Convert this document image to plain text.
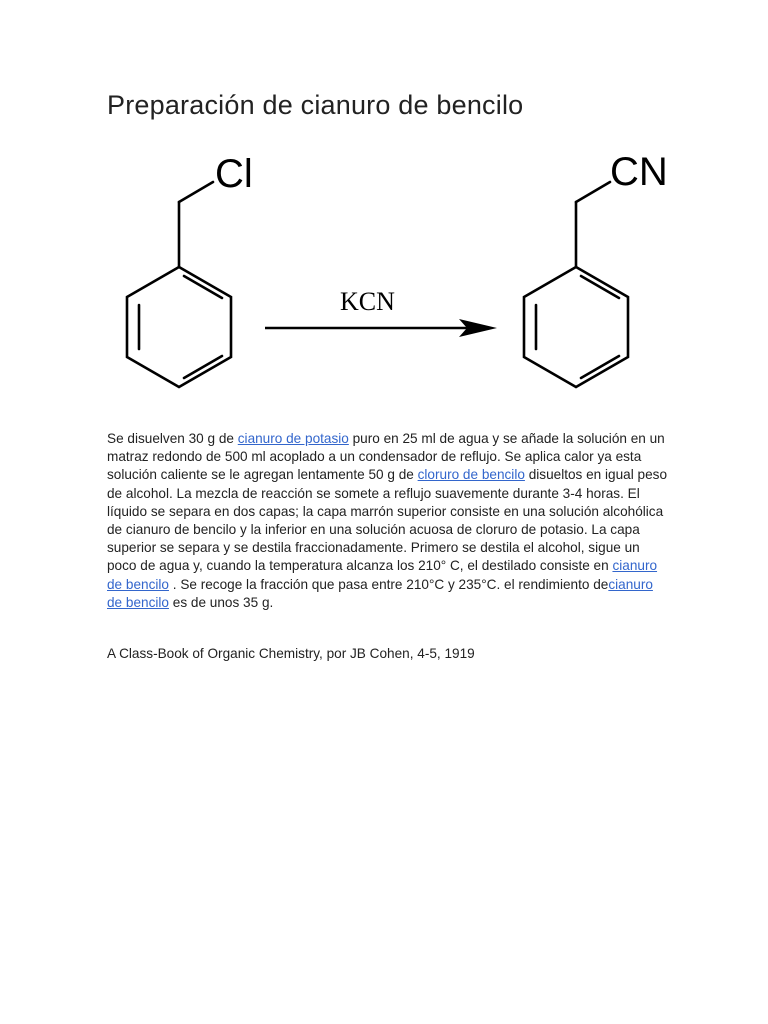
Preparación de cianuro de bencilo
Cl
KCN
CN

Se disuelven 30 g de cianuro de potasio puro en 25 ml de agua y se añade la solución en un matraz redondo de 500 ml acoplado a un condensador de reflujo. Se aplica calor ya esta solución caliente se le agregan lentamente 50 g de cloruro de bencilo disueltos en igual peso de alcohol. La mezcla de reacción se somete a reflujo suavemente durante 3-4 horas. El líquido se separa en dos capas; la capa marrón superior consiste en una solución alcohólica de cianuro de bencilo y la inferior en una solución acuosa de cloruro de potasio. La capa superior se separa y se destila fraccionadamente. Primero se destila el alcohol, sigue un poco de agua y, cuando la temperatura alcanza los 210° C, el destilado consiste en cianuro de bencilo . Se recoge la fracción que pasa entre 210°C y 235°C. el rendimiento decianuro de bencilo es de unos 35 g.

A Class-Book of Organic Chemistry, por JB Cohen, 4-5, 1919
